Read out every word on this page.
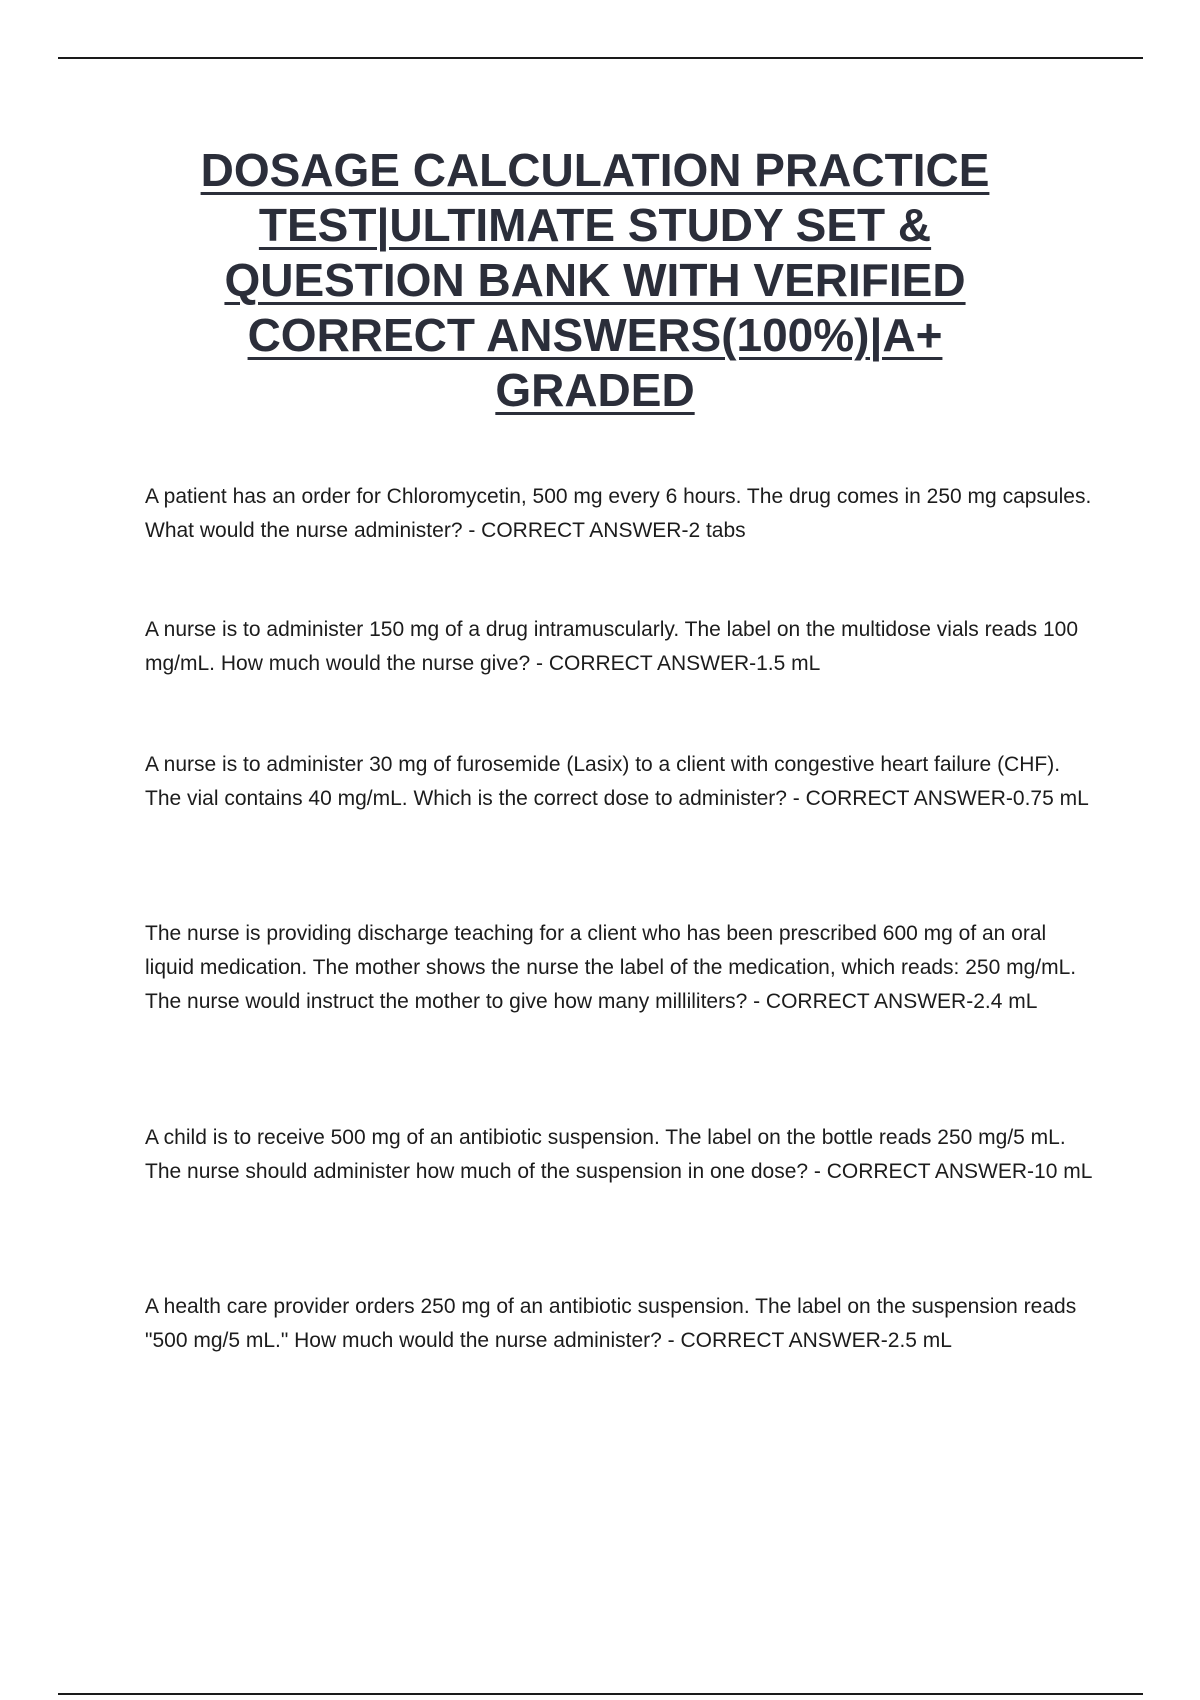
DOSAGE CALCULATION PRACTICE TEST|ULTIMATE STUDY SET & QUESTION BANK WITH VERIFIED CORRECT ANSWERS(100%)|A+ GRADED

A patient has an order for Chloromycetin, 500 mg every 6 hours. The drug comes in 250 mg capsules. What would the nurse administer? - CORRECT ANSWER-2 tabs

A nurse is to administer 150 mg of a drug intramuscularly. The label on the multidose vials reads 100 mg/mL. How much would the nurse give? - CORRECT ANSWER-1.5 mL

A nurse is to administer 30 mg of furosemide (Lasix) to a client with congestive heart failure (CHF). The vial contains 40 mg/mL. Which is the correct dose to administer? - CORRECT ANSWER-0.75 mL

The nurse is providing discharge teaching for a client who has been prescribed 600 mg of an oral liquid medication. The mother shows the nurse the label of the medication, which reads: 250 mg/mL. The nurse would instruct the mother to give how many milliliters? - CORRECT ANSWER-2.4 mL

A child is to receive 500 mg of an antibiotic suspension. The label on the bottle reads 250 mg/5 mL. The nurse should administer how much of the suspension in one dose? - CORRECT ANSWER-10 mL

A health care provider orders 250 mg of an antibiotic suspension. The label on the suspension reads "500 mg/5 mL." How much would the nurse administer? - CORRECT ANSWER-2.5 mL
